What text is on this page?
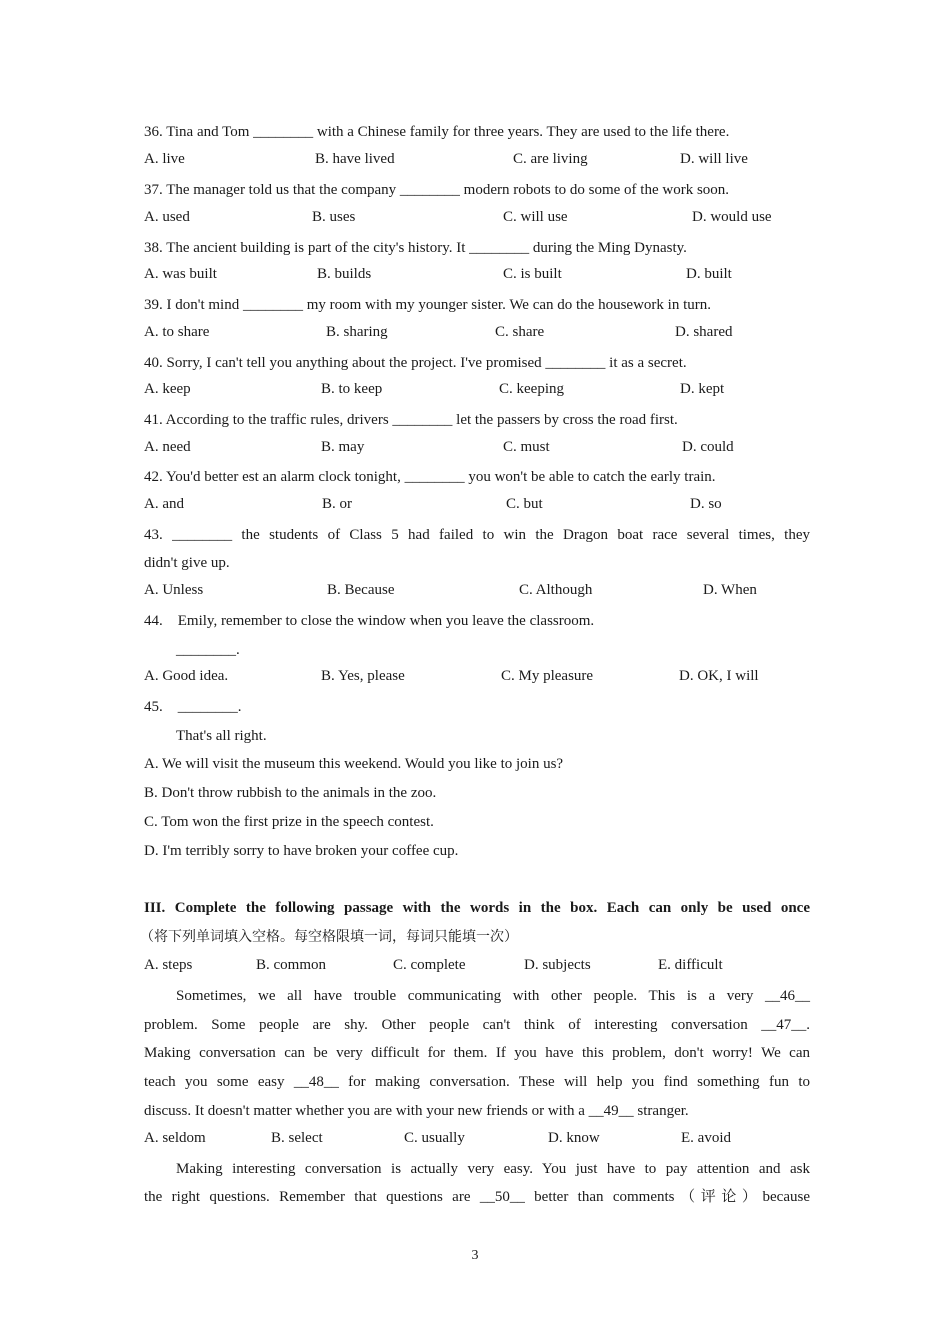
36. Tina and Tom ________ with a Chinese family for three years. They are used to the life there.
A. live	B. have lived	C. are living	D. will live
37. The manager told us that the company ________ modern robots to do some of the work soon.
A. used	B. uses	C. will use	D. would use
38. The ancient building is part of the city's history. It ________ during the Ming Dynasty.
A. was built	B. builds	C. is built	D. built
39. I don't mind ________ my room with my younger sister. We can do the housework in turn.
A. to share	B. sharing	C. share	D. shared
40. Sorry, I can't tell you anything about the project. I've promised ________ it as a secret.
A. keep	B. to keep	C. keeping	D. kept
41. According to the traffic rules, drivers ________ let the passers by cross the road first.
A. need	B. may	C. must	D. could
42. You'd better est an alarm clock tonight, ________ you won't be able to catch the early train.
A. and	B. or	C. but	D. so
43. ________ the students of Class 5 had failed to win the Dragon boat race several times, they
didn't give up.
A. Unless	B. Because	C. Although	D. When
44.    Emily, remember to close the window when you leave the classroom.
________.
A. Good idea.	B. Yes, please	C. My pleasure	D. OK, I will
45.    ________.
That's all right.
A. We will visit the museum this weekend. Would you like to join us?
B. Don't throw rubbish to the animals in the zoo.
C. Tom won the first prize in the speech contest.
D. I'm terribly sorry to have broken your coffee cup.
III. Complete the following passage with the words in the box. Each can only be used once
（将下列单词填入空格。每空格限填一词，每词只能填一次）
A. steps	B. common	C. complete	D. subjects	E. difficult
Sometimes, we all have trouble communicating with other people. This is a very __46__
problem. Some people are shy. Other people can't think of interesting conversation __47__.
Making conversation can be very difficult for them. If you have this problem, don't worry! We can
teach you some easy __48__ for making conversation. These will help you find something fun to
discuss. It doesn't matter whether you are with your new friends or with a __49__ stranger.
A. seldom	B. select	C. usually	D. know	E. avoid
Making interesting conversation is actually very easy. You just have to pay attention and ask
the right questions. Remember that questions are __50__ better than comments（评论）because
3
